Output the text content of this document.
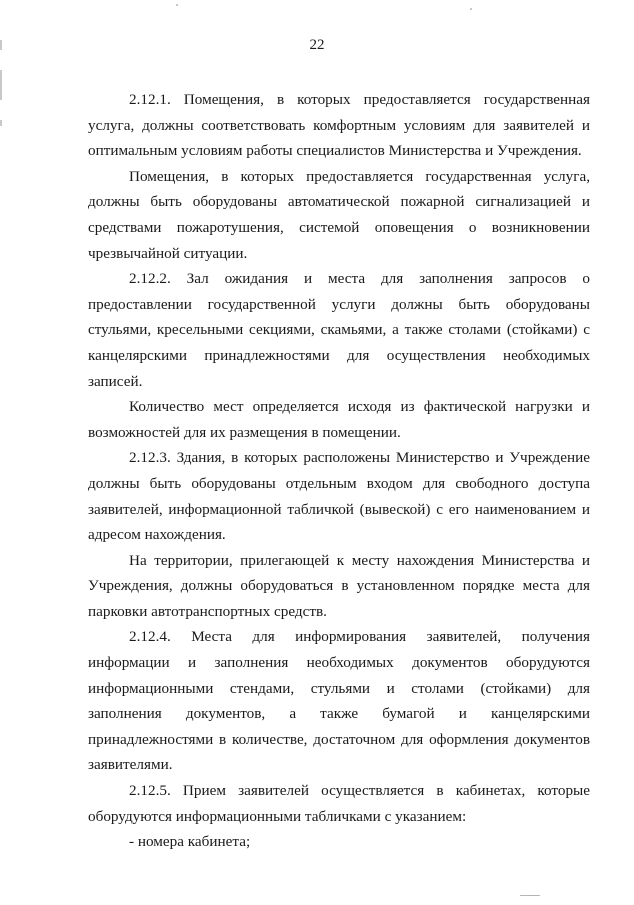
22

2.12.1. Помещения, в которых предоставляется государственная услуга, должны соответствовать комфортным условиям для заявителей и оптимальным условиям работы специалистов Министерства и Учреждения.

Помещения, в которых предоставляется государственная услуга, должны быть оборудованы автоматической пожарной сигнализацией и средствами пожаротушения, системой оповещения о возникновении чрезвычайной ситуации.

2.12.2. Зал ожидания и места для заполнения запросов о предоставлении государственной услуги должны быть оборудованы стульями, кресельными секциями, скамьями, а также столами (стойками) с канцелярскими принадлежностями для осуществления необходимых записей.

Количество мест определяется исходя из фактической нагрузки и возможностей для их размещения в помещении.

2.12.3. Здания, в которых расположены Министерство и Учреждение должны быть оборудованы отдельным входом для свободного доступа заявителей, информационной табличкой (вывеской) с его наименованием и адресом нахождения.

На территории, прилегающей к месту нахождения Министерства и Учреждения, должны оборудоваться в установленном порядке места для парковки автотранспортных средств.

2.12.4. Места для информирования заявителей, получения информации и заполнения необходимых документов оборудуются информационными стендами, стульями и столами (стойками) для заполнения документов, а также бумагой и канцелярскими принадлежностями в количестве, достаточном для оформления документов заявителями.

2.12.5. Прием заявителей осуществляется в кабинетах, которые оборудуются информационными табличками с указанием:

- номера кабинета;
